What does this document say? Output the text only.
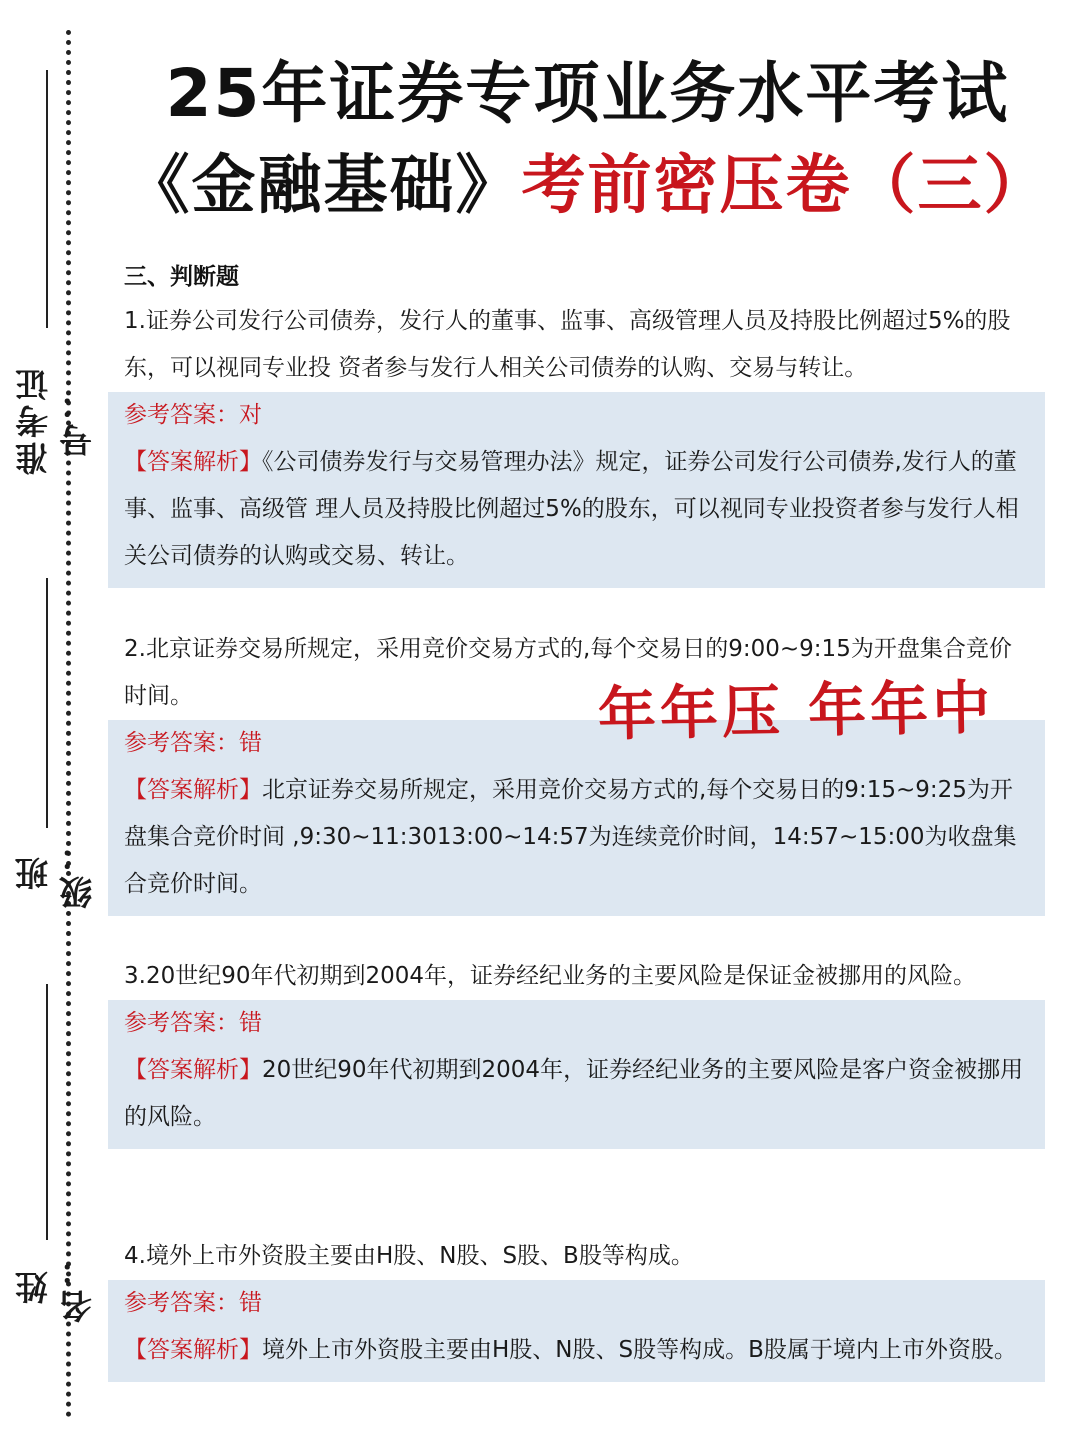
准考证号：
班级：
姓名：
25年证券专项业务水平考试
《金融基础》考前密压卷（三）
三、判断题

1.证券公司发行公司债券，发行人的董事、监事、高级管理人员及持股比例超过5%的股东，可以视同专业投 资者参与发行人相关公司债券的认购、交易与转让。

参考答案：对

【答案解析】《公司债券发行与交易管理办法》规定，证券公司发行公司债券,发行人的董事、监事、高级管 理人员及持股比例超过5%的股东，可以视同专业投资者参与发行人相关公司债券的认购或交易、转让。

2.北京证券交易所规定，采用竞价交易方式的,每个交易日的9:00~9:15为开盘集合竞价时间。

参考答案：错

【答案解析】北京证券交易所规定，采用竞价交易方式的,每个交易日的9:15~9:25为开盘集合竞价时间 ,9:30~11:3013:00~14:57为连续竞价时间，14:57~15:00为收盘集合竞价时间。

3.20世纪90年代初期到2004年，证券经纪业务的主要风险是保证金被挪用的风险。

参考答案：错

【答案解析】20世纪90年代初期到2004年，证券经纪业务的主要风险是客户资金被挪用的风险。

4.境外上市外资股主要由H股、N股、S股、B股等构成。

参考答案：错

【答案解析】境外上市外资股主要由H股、N股、S股等构成。B股属于境内上市外资股。

年年压 年年中
